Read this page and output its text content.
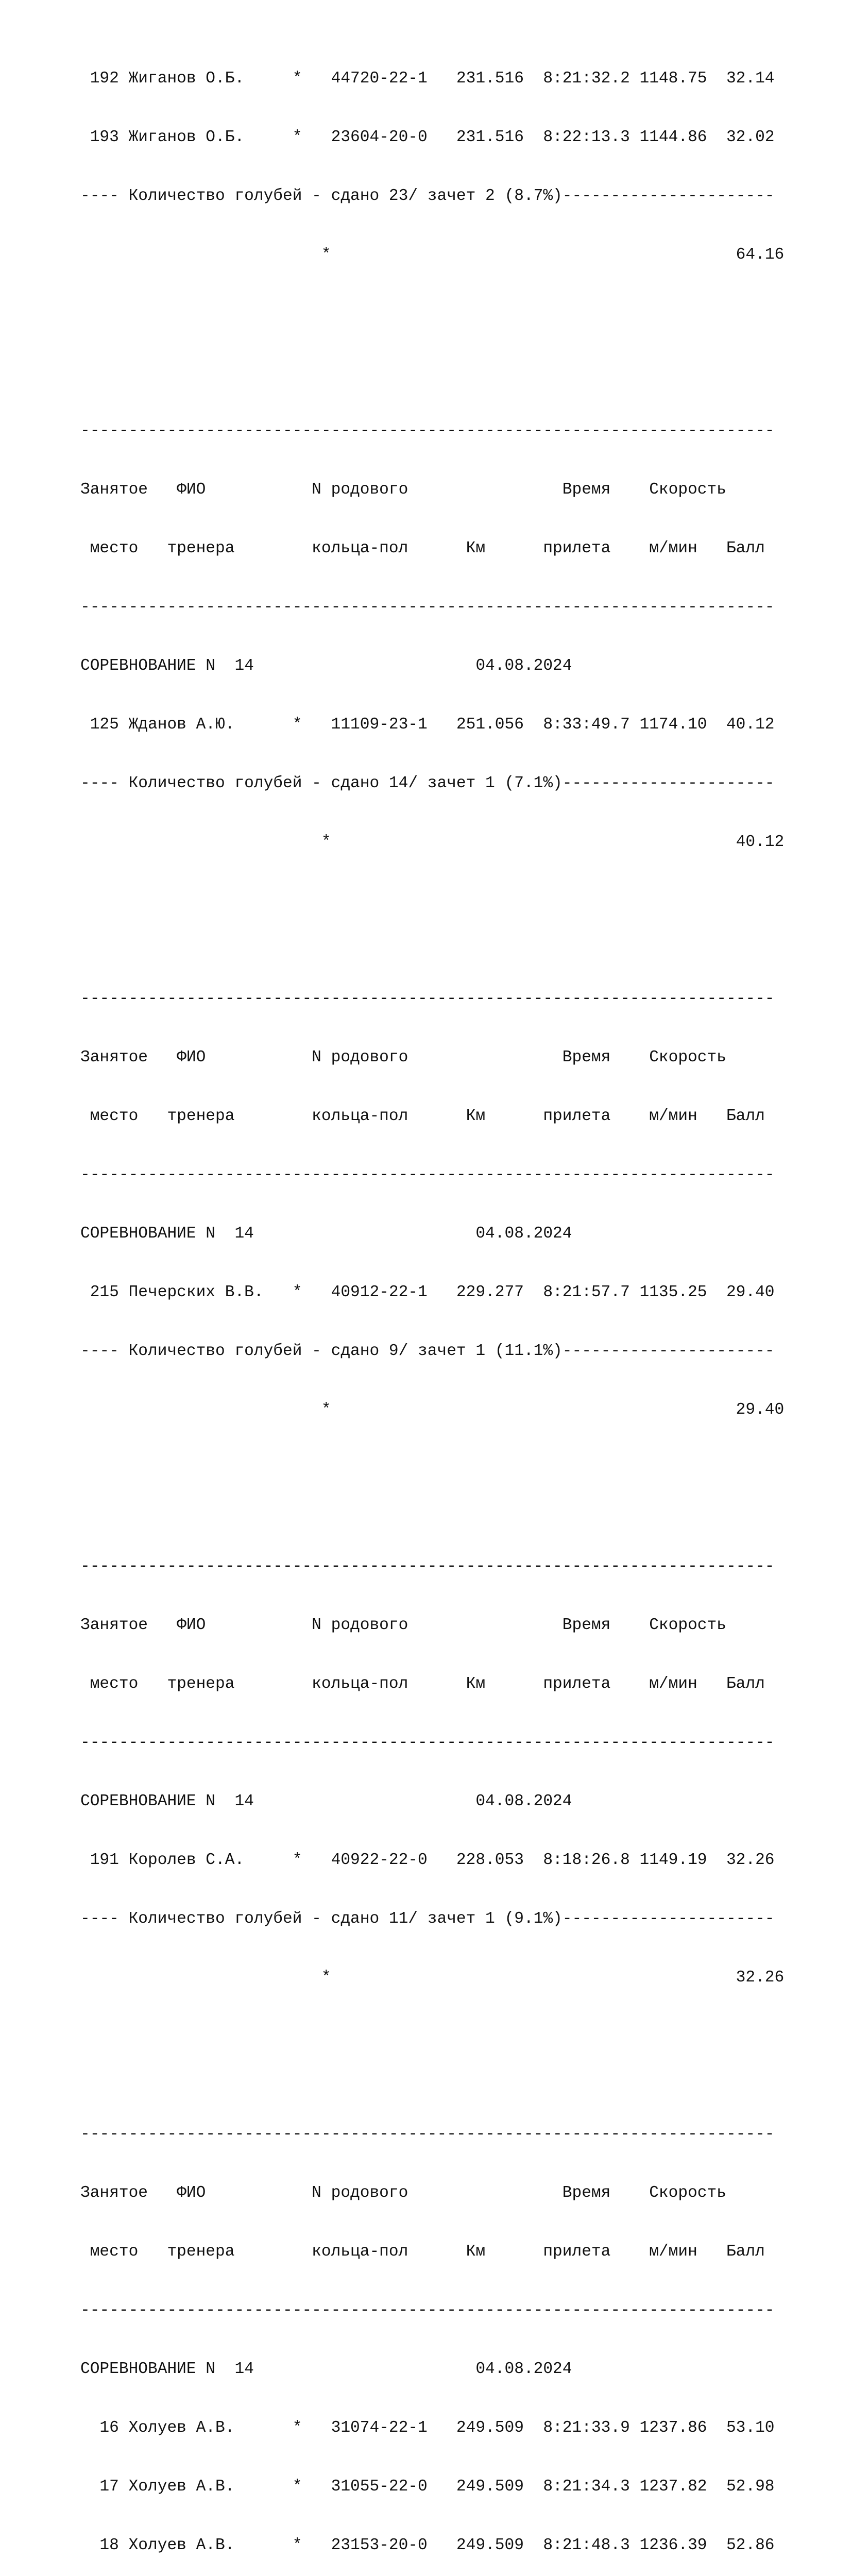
192 Жиганов О.Б.     *   44720-22-1   231.516  8:21:32.2 1148.75  32.14

193 Жиганов О.Б.     *   23604-20-0   231.516  8:22:13.3 1144.86  32.02

---- Количество голубей - сдано 23/ зачет 2 (8.7%)----------------------

*                                          64.16

------------------------------------------------------------------------

Занятое   ФИО           N родового                Время    Скорость

место   тренера        кольца-пол      Км      прилета    м/мин   Балл

------------------------------------------------------------------------

СОРЕВНОВАНИЕ N  14                       04.08.2024

125 Жданов А.Ю.      *   11109-23-1   251.056  8:33:49.7 1174.10  40.12

---- Количество голубей - сдано 14/ зачет 1 (7.1%)----------------------

*                                          40.12

------------------------------------------------------------------------

Занятое   ФИО           N родового                Время    Скорость

место   тренера        кольца-пол      Км      прилета    м/мин   Балл

------------------------------------------------------------------------

СОРЕВНОВАНИЕ N  14                       04.08.2024

215 Печерских В.В.   *   40912-22-1   229.277  8:21:57.7 1135.25  29.40

---- Количество голубей - сдано 9/ зачет 1 (11.1%)----------------------

*                                          29.40

------------------------------------------------------------------------

Занятое   ФИО           N родового                Время    Скорость

место   тренера        кольца-пол      Км      прилета    м/мин   Балл

------------------------------------------------------------------------

СОРЕВНОВАНИЕ N  14                       04.08.2024

191 Королев С.А.     *   40922-22-0   228.053  8:18:26.8 1149.19  32.26

---- Количество голубей - сдано 11/ зачет 1 (9.1%)----------------------

*                                          32.26

------------------------------------------------------------------------

Занятое   ФИО           N родового                Время    Скорость

место   тренера        кольца-пол      Км      прилета    м/мин   Балл

------------------------------------------------------------------------

СОРЕВНОВАНИЕ N  14                       04.08.2024

16 Холуев А.В.      *   31074-22-1   249.509  8:21:33.9 1237.86  53.10

17 Холуев А.В.      *   31055-22-0   249.509  8:21:34.3 1237.82  52.98

18 Холуев А.В.      *   23153-20-0   249.509  8:21:48.3 1236.39  52.86
